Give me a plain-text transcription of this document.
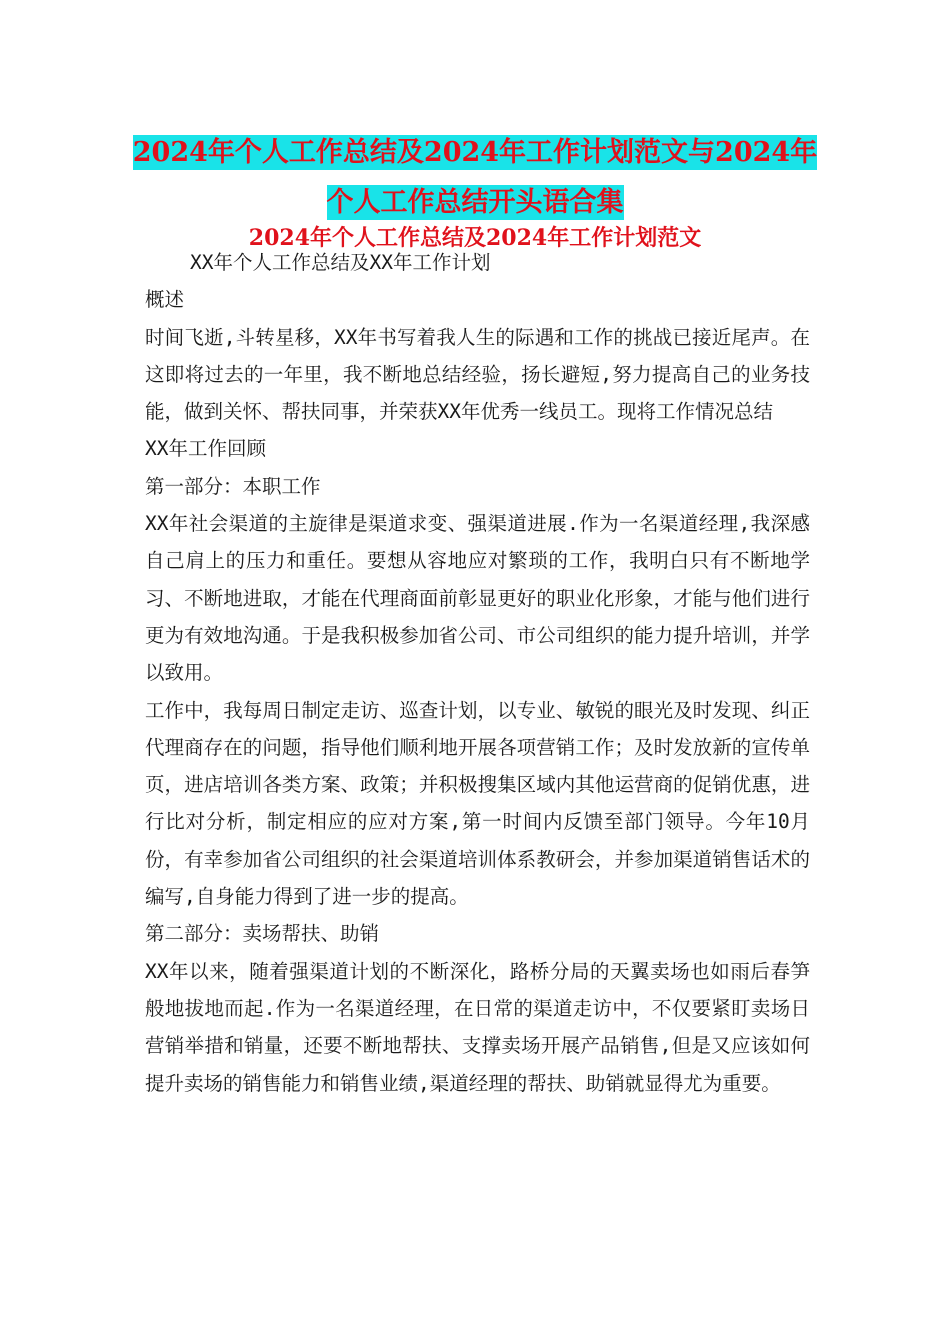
2024年个人工作总结及2024年工作计划范文与2024年
个人工作总结开头语合集
2024年个人工作总结及2024年工作计划范文

XX年个人工作总结及XX年工作计划

概述

时间飞逝,斗转星移，XX年书写着我人生的际遇和工作的挑战已接近尾声。在这即将过去的一年里，我不断地总结经验，扬长避短,努力提高自己的业务技能，做到关怀、帮扶同事，并荣获XX年优秀一线员工。现将工作情况总结

XX年工作回顾

第一部分：本职工作

XX年社会渠道的主旋律是渠道求变、强渠道进展.作为一名渠道经理,我深感自己肩上的压力和重任。要想从容地应对繁琐的工作，我明白只有不断地学习、不断地进取，才能在代理商面前彰显更好的职业化形象，才能与他们进行更为有效地沟通。于是我积极参加省公司、市公司组织的能力提升培训，并学以致用。

工作中，我每周日制定走访、巡查计划，以专业、敏锐的眼光及时发现、纠正代理商存在的问题，指导他们顺利地开展各项营销工作；及时发放新的宣传单页，进店培训各类方案、政策；并积极搜集区域内其他运营商的促销优惠，进行比对分析，制定相应的应对方案,第一时间内反馈至部门领导。今年10月份，有幸参加省公司组织的社会渠道培训体系教研会，并参加渠道销售话术的编写,自身能力得到了进一步的提高。

第二部分：卖场帮扶、助销

XX年以来，随着强渠道计划的不断深化，路桥分局的天翼卖场也如雨后春笋般地拔地而起.作为一名渠道经理，在日常的渠道走访中，不仅要紧盯卖场日营销举措和销量，还要不断地帮扶、支撑卖场开展产品销售,但是又应该如何提升卖场的销售能力和销售业绩,渠道经理的帮扶、助销就显得尤为重要。
